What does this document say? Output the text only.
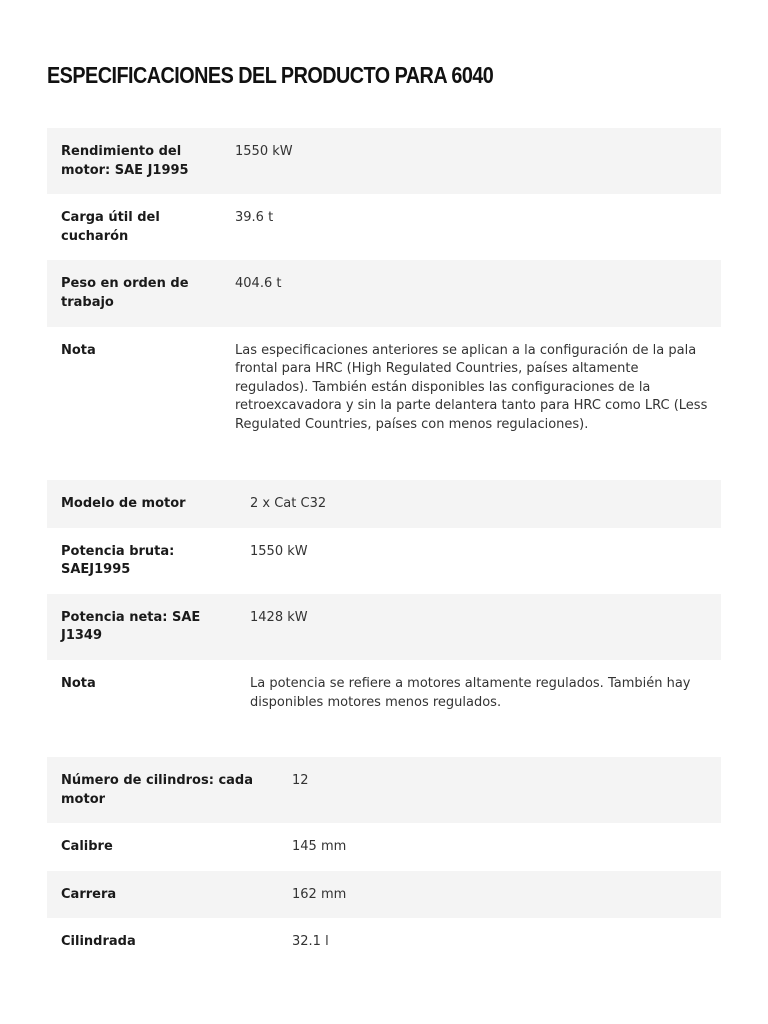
ESPECIFICACIONES DEL PRODUCTO PARA 6040
Rendimiento del motor: SAE J1995	1550 kW
Carga útil del cucharón	39.6 t
Peso en orden de trabajo	404.6 t
Nota	Las especificaciones anteriores se aplican a la configuración de la pala frontal para HRC (High Regulated Countries, países altamente regulados). También están disponibles las configuraciones de la retroexcavadora y sin la parte delantera tanto para HRC como LRC (Less Regulated Countries, países con menos regulaciones).
Modelo de motor	2 x Cat C32
Potencia bruta: SAEJ1995	1550 kW
Potencia neta: SAE J1349	1428 kW
Nota	La potencia se refiere a motores altamente regulados. También hay disponibles motores menos regulados.
Número de cilindros: cada motor	12
Calibre	145 mm
Carrera	162 mm
Cilindrada	32.1 l
